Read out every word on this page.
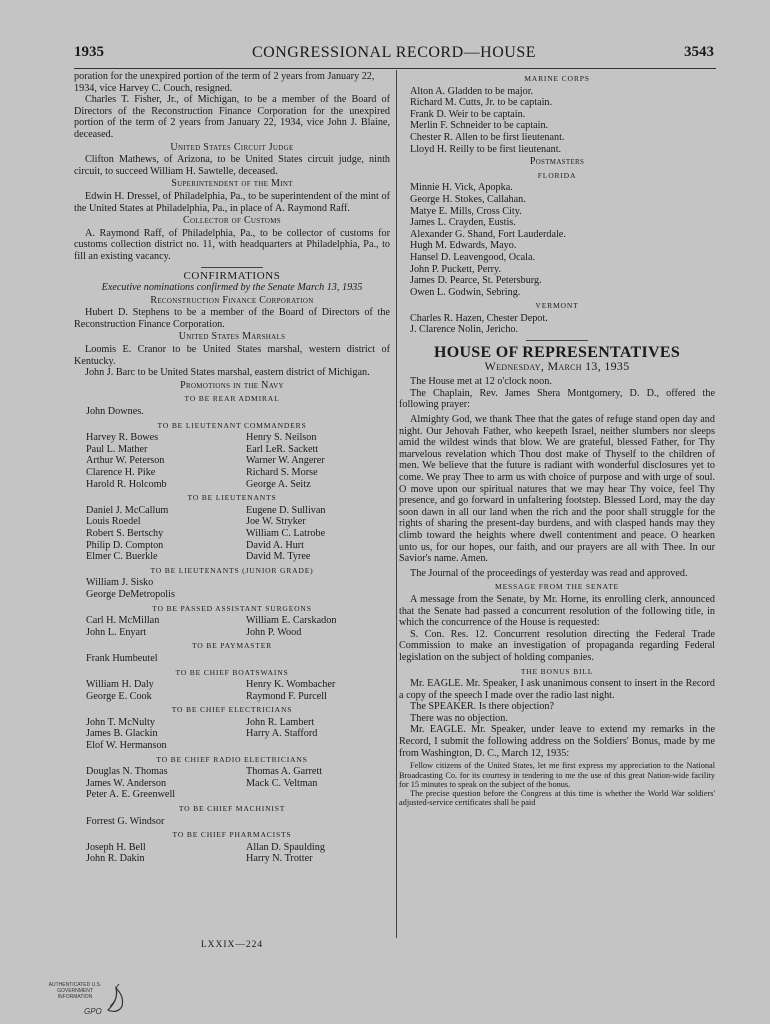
1935	CONGRESSIONAL RECORD—HOUSE	3543

poration for the unexpired portion of the term of 2 years from January 22, 1934, vice Harvey C. Couch, resigned.

Charles T. Fisher, Jr., of Michigan, to be a member of the Board of Directors of the Reconstruction Finance Corporation for the unexpired portion of the term of 2 years from January 22, 1934, vice John J. Blaine, deceased.

United States Circuit Judge

Clifton Mathews, of Arizona, to be United States circuit judge, ninth circuit, to succeed William H. Sawtelle, deceased.

Superintendent of the Mint

Edwin H. Dressel, of Philadelphia, Pa., to be superintendent of the mint of the United States at Philadelphia, Pa., in place of A. Raymond Raff.

Collector of Customs

A. Raymond Raff, of Philadelphia, Pa., to be collector of customs for customs collection district no. 11, with headquarters at Philadelphia, Pa., to fill an existing vacancy.

CONFIRMATIONS
Executive nominations confirmed by the Senate March 13, 1935
Reconstruction Finance Corporation

Hubert D. Stephens to be a member of the Board of Directors of the Reconstruction Finance Corporation.

United States Marshals

Loomis E. Cranor to be United States marshal, western district of Kentucky.

John J. Barc to be United States marshal, eastern district of Michigan.

Promotions in the Navy
TO BE REAR ADMIRAL

John Downes.

TO BE LIEUTENANT COMMANDERS
Harvey R. Bowes	Henry S. Neilson
Paul L. Mather	Earl LeR. Sackett
Arthur W. Peterson	Warner W. Angerer
Clarence H. Pike	Richard S. Morse
Harold R. Holcomb	George A. Seitz
TO BE LIEUTENANTS
Daniel J. McCallum	Eugene D. Sullivan
Louis Roedel	Joe W. Stryker
Robert S. Bertschy	William C. Latrobe
Philip D. Compton	David A. Hurt
Elmer C. Buerkle	David M. Tyree
TO BE LIEUTENANTS (JUNIOR GRADE)

William J. Sisko

George DeMetropolis

TO BE PASSED ASSISTANT SURGEONS
Carl H. McMillan	William E. Carskadon
John L. Enyart	John P. Wood
TO BE PAYMASTER

Frank Humbeutel

TO BE CHIEF BOATSWAINS
William H. Daly	Henry K. Wombacher
George E. Cook	Raymond F. Purcell
TO BE CHIEF ELECTRICIANS
John T. McNulty	John R. Lambert
James B. Glackin	Harry A. Stafford
Elof W. Hermanson
TO BE CHIEF RADIO ELECTRICIANS
Douglas N. Thomas	Thomas A. Garrett
James W. Anderson	Mack C. Veltman
Peter A. E. Greenwell
TO BE CHIEF MACHINIST

Forrest G. Windsor

TO BE CHIEF PHARMACISTS
Joseph H. Bell	Allan D. Spaulding
John R. Dakin	Harry N. Trotter
MARINE CORPS

Alton A. Gladden to be major.

Richard M. Cutts, Jr. to be captain.

Frank D. Weir to be captain.

Merlin F. Schneider to be captain.

Chester R. Allen to be first lieutenant.

Lloyd H. Reilly to be first lieutenant.

Postmasters
FLORIDA

Minnie H. Vick, Apopka.

George H. Stokes, Callahan.

Matye E. Mills, Cross City.

James L. Crayden, Eustis.

Alexander G. Shand, Fort Lauderdale.

Hugh M. Edwards, Mayo.

Hansel D. Leavengood, Ocala.

John P. Puckett, Perry.

James D. Pearce, St. Petersburg.

Owen L. Godwin, Sebring.

VERMONT

Charles R. Hazen, Chester Depot.

J. Clarence Nolin, Jericho.

HOUSE OF REPRESENTATIVES
Wednesday, March 13, 1935

The House met at 12 o'clock noon.

The Chaplain, Rev. James Shera Montgomery, D. D., offered the following prayer:

Almighty God, we thank Thee that the gates of refuge stand open day and night. Our Jehovah Father, who keepeth Israel, neither slumbers nor sleeps amid the wildest winds that blow. We are grateful, blessed Father, for Thy marvelous revelation which Thou dost make of Thyself to the children of men. We believe that the future is radiant with wonderful disclosures yet to come. We pray Thee to arm us with choice of purpose and with urge of soul. O move upon our spiritual natures that we may hear Thy voice, feel Thy presence, and go forward in unfaltering footstep. Blessed Lord, may the day soon dawn in all our land when the rich and the poor shall struggle for the rights of sharing the present-day burdens, and with clasped hands may they climb toward the heights where dwell contentment and peace. O hearken unto us, for our hopes, our faith, and our prayers are all with Thee. In our Savior's name. Amen.

The Journal of the proceedings of yesterday was read and approved.

MESSAGE FROM THE SENATE

A message from the Senate, by Mr. Horne, its enrolling clerk, announced that the Senate had passed a concurrent resolution of the following title, in which the concurrence of the House is requested:

S. Con. Res. 12. Concurrent resolution directing the Federal Trade Commission to make an investigation of propaganda regarding Federal legislation on the subject of holding companies.

THE BONUS BILL

Mr. EAGLE. Mr. Speaker, I ask unanimous consent to insert in the Record a copy of the speech I made over the radio last night.

The SPEAKER. Is there objection?

There was no objection.

Mr. EAGLE. Mr. Speaker, under leave to extend my remarks in the Record, I submit the following address on the Soldiers' Bonus, made by me from Washington, D. C., March 12, 1935:

Fellow citizens of the United States, let me first express my appreciation to the National Broadcasting Co. for its courtesy in tendering to me the use of this great Nation-wide facility for 15 minutes to speak on the subject of the bonus.

The precise question before the Congress at this time is whether the World War soldiers' adjusted-service certificates shall be paid

LXXIX—224
AUTHENTICATED U.S. GOVERNMENT INFORMATION
GPO
